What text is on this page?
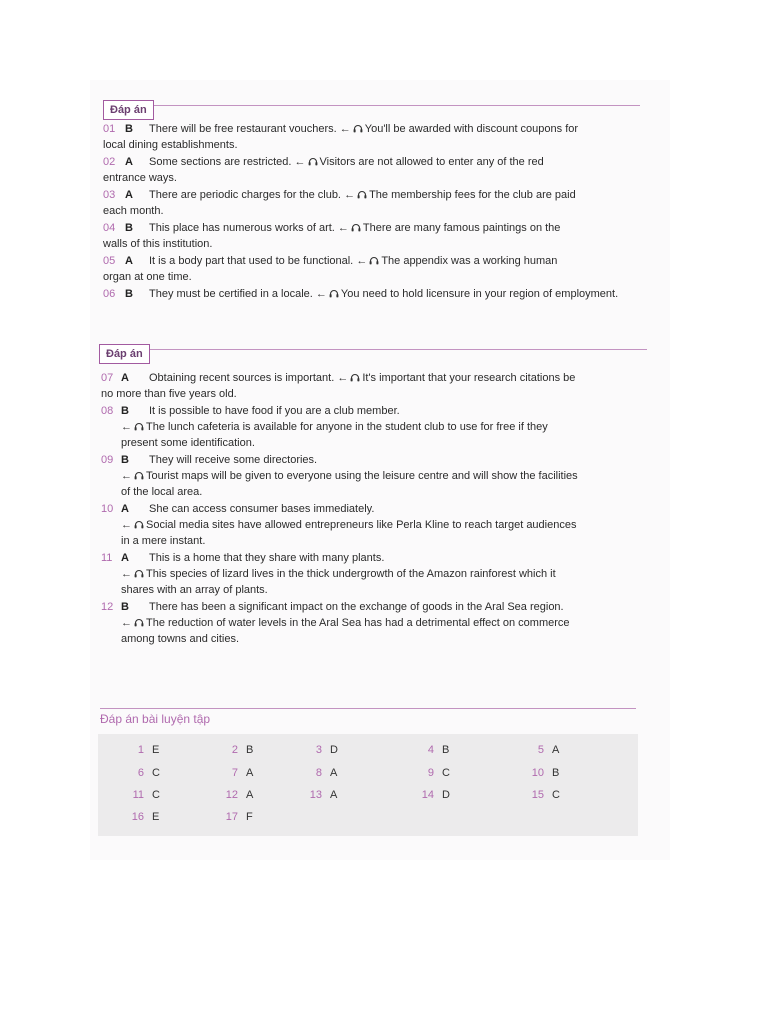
Đáp án
01 B There will be free restaurant vouchers. ← You'll be awarded with discount coupons for
local dining establishments.
02 A Some sections are restricted. ← Visitors are not allowed to enter any of the red
entrance ways.
03 A There are periodic charges for the club. ← The membership fees for the club are paid
each month.
04 B This place has numerous works of art. ← There are many famous paintings on the
walls of this institution.
05 A It is a body part that used to be functional. ← The appendix was a working human
organ at one time.
06 B They must be certified in a locale. ← You need to hold licensure in your region of employment.
Đáp án
07 A Obtaining recent sources is important. ← It's important that your research citations be
no more than five years old.
08 B It is possible to have food if you are a club member.
← The lunch cafeteria is available for anyone in the student club to use for free if they
present some identification.
09 B They will receive some directories.
← Tourist maps will be given to everyone using the leisure centre and will show the facilities
of the local area.
10 A She can access consumer bases immediately.
← Social media sites have allowed entrepreneurs like Perla Kline to reach target audiences
in a mere instant.
11 A This is a home that they share with many plants.
← This species of lizard lives in the thick undergrowth of the Amazon rainforest which it
shares with an array of plants.
12 B There has been a significant impact on the exchange of goods in the Aral Sea region.
← The reduction of water levels in the Aral Sea has had a detrimental effect on commerce
among towns and cities.
Đáp án bài luyện tập
1 E	2 B	3 D	4 B	5 A
6 C	7 A	8 A	9 C	10 B
11 C	12 A	13 A	14 D	15 C
16 E	17 F
